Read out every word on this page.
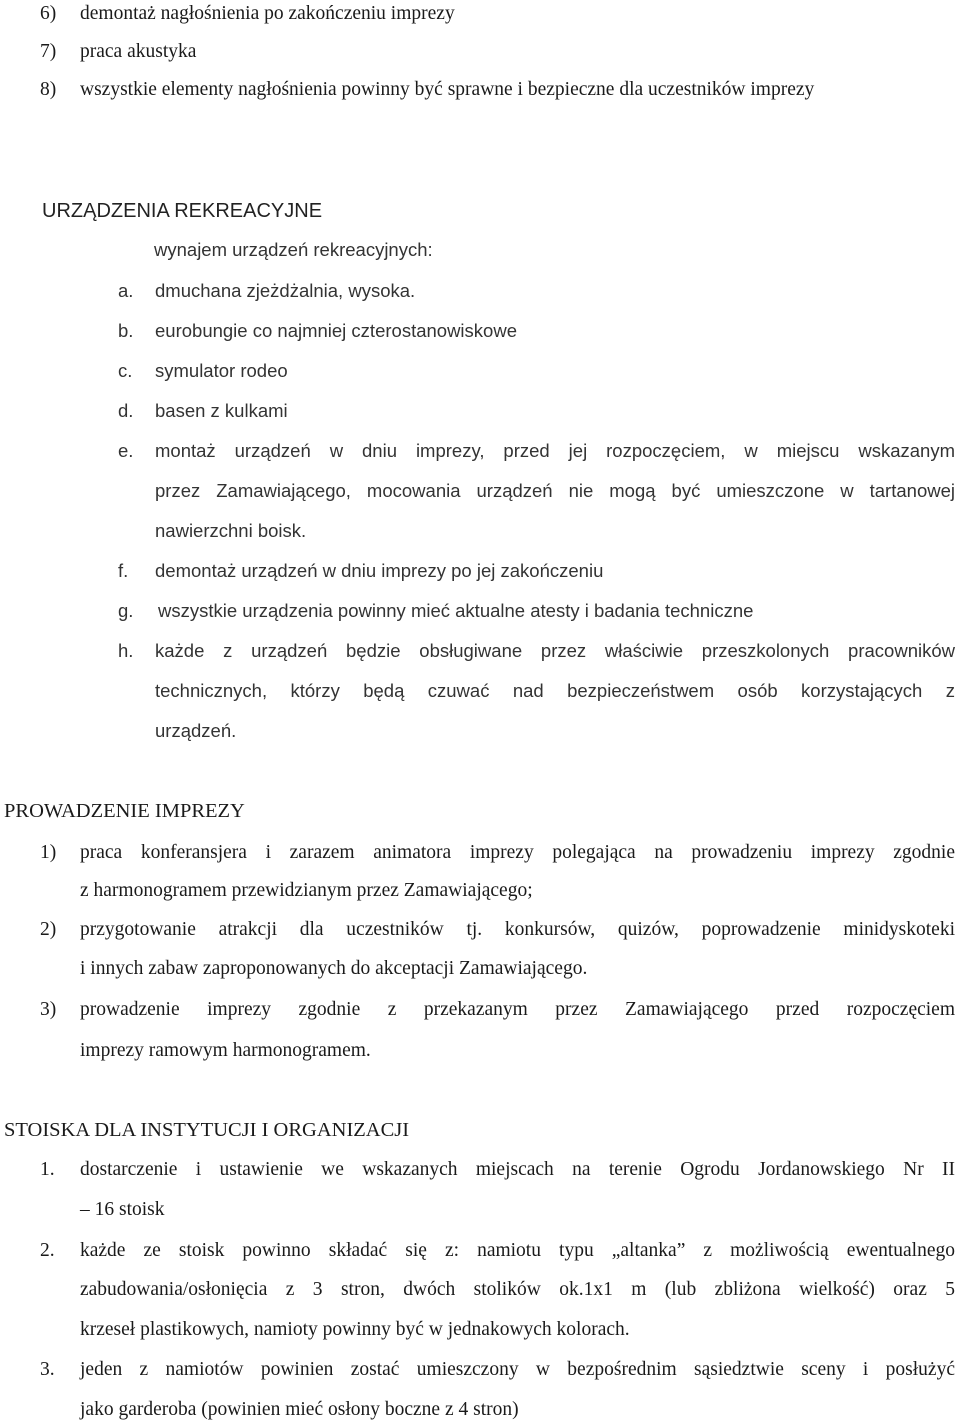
6) demontaż nagłośnienia po zakończeniu imprezy
7) praca akustyka
8) wszystkie elementy nagłośnienia powinny być sprawne i bezpieczne dla uczestników imprezy
URZĄDZENIA REKREACYJNE
wynajem urządzeń rekreacyjnych:
a. dmuchana zjeżdżalnia, wysoka.
b. eurobungie co najmniej czterostanowiskowe
c. symulator rodeo
d. basen z kulkami
e. montaż urządzeń w dniu imprezy, przed jej rozpoczęciem, w miejscu wskazanym
przez Zamawiającego, mocowania urządzeń nie mogą być umieszczone w tartanowej
nawierzchni boisk.
f. demontaż urządzeń w dniu imprezy po jej zakończeniu
g. wszystkie urządzenia powinny mieć aktualne atesty i badania techniczne
h. każde z urządzeń będzie obsługiwane przez właściwie przeszkolonych pracowników
technicznych, którzy będą czuwać nad bezpieczeństwem osób korzystających z
urządzeń.
PROWADZENIE IMPREZY
1) praca konferansjera i zarazem animatora imprezy polegająca na prowadzeniu imprezy zgodnie
z harmonogramem przewidzianym przez Zamawiającego;
2) przygotowanie atrakcji dla uczestników tj. konkursów, quizów, poprowadzenie minidyskoteki
i innych zabaw zaproponowanych do akceptacji Zamawiającego.
3) prowadzenie imprezy zgodnie z przekazanym przez Zamawiającego przed rozpoczęciem
imprezy ramowym harmonogramem.
STOISKA DLA INSTYTUCJI I ORGANIZACJI
1. dostarczenie i ustawienie we wskazanych miejscach na terenie Ogrodu Jordanowskiego Nr II
– 16 stoisk
2. każde ze stoisk powinno składać się z: namiotu typu „altanka” z możliwością ewentualnego
zabudowania/osłonięcia z 3 stron, dwóch stolików ok.1x1 m (lub zbliżona wielkość) oraz 5
krzeseł plastikowych, namioty powinny być w jednakowych kolorach.
3. jeden z namiotów powinien zostać umieszczony w bezpośrednim sąsiedztwie sceny i posłużyć
jako garderoba (powinien mieć osłony boczne z 4 stron)
